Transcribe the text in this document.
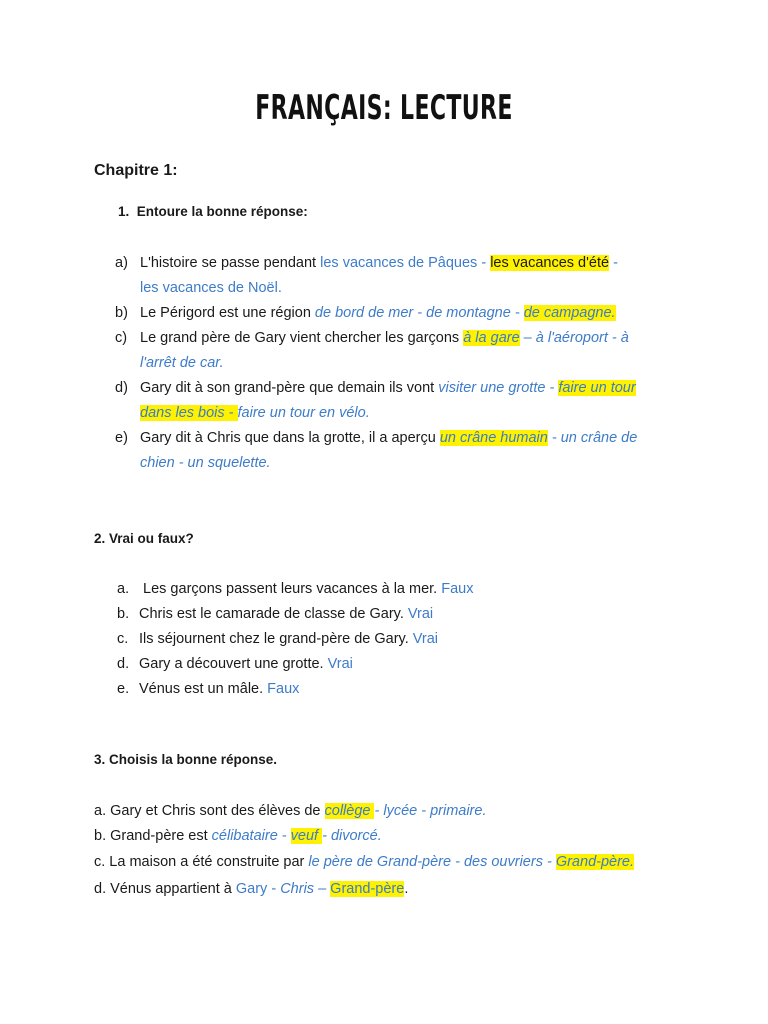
FRANÇAIS: LECTURE
Chapitre 1:
1. Entoure la bonne réponse:
a) L'histoire se passe pendant les vacances de Pâques - les vacances d'été -
les vacances de Noël.
b) Le Périgord est une région de bord de mer - de montagne - de campagne.
c) Le grand père de Gary vient chercher les garçons à la gare – à l'aéroport - à
l'arrêt de car.
d) Gary dit à son grand-père que demain ils vont visiter une grotte - faire un tour
dans les bois - faire un tour en vélo.
e) Gary dit à Chris que dans la grotte, il a aperçu un crâne humain - un crâne de
chien - un squelette.
2. Vrai ou faux?
a. Les garçons passent leurs vacances à la mer. Faux
b. Chris est le camarade de classe de Gary. Vrai
c. Ils séjournent chez le grand-père de Gary. Vrai
d. Gary a découvert une grotte. Vrai
e. Vénus est un mâle. Faux
3. Choisis la bonne réponse.
a. Gary et Chris sont des élèves de collège - lycée - primaire.
b. Grand-père est célibataire - veuf - divorcé.
c. La maison a été construite par le père de Grand-père - des ouvriers - Grand-père.
d. Vénus appartient à Gary - Chris – Grand-père.
